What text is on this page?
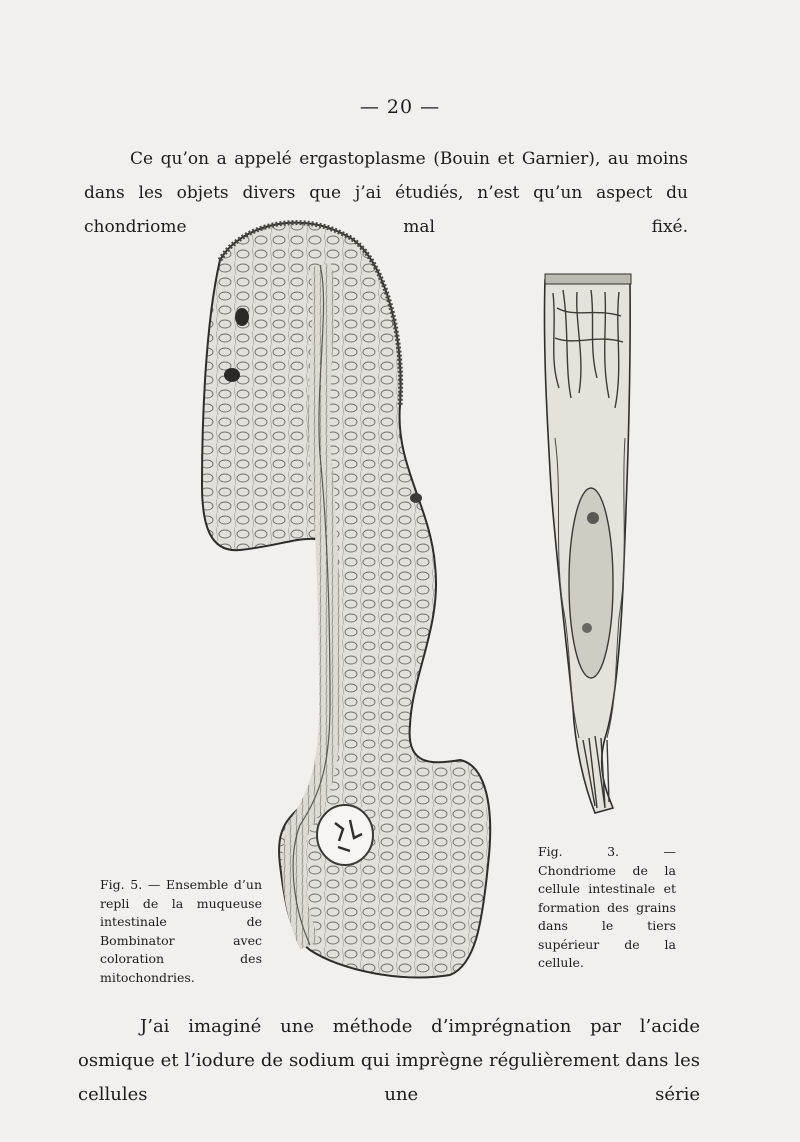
— 20 —

Ce qu’on a appelé ergastoplasme (Bouin et Garnier), au moins dans les objets divers que j’ai étudiés, n’est qu’un aspect du chondriome mal fixé.

Fig. 5. — Ensemble d’un repli de la muqueuse intestinale de Bombinator avec coloration des mitochondries.
Fig. 3. — Chondriome de la cellule intestinale et formation des grains dans le tiers supérieur de la cellule.

J’ai imaginé une méthode d’imprégnation par l’acide osmique et l’iodure de sodium qui imprègne régulièrement dans les cellules une série
